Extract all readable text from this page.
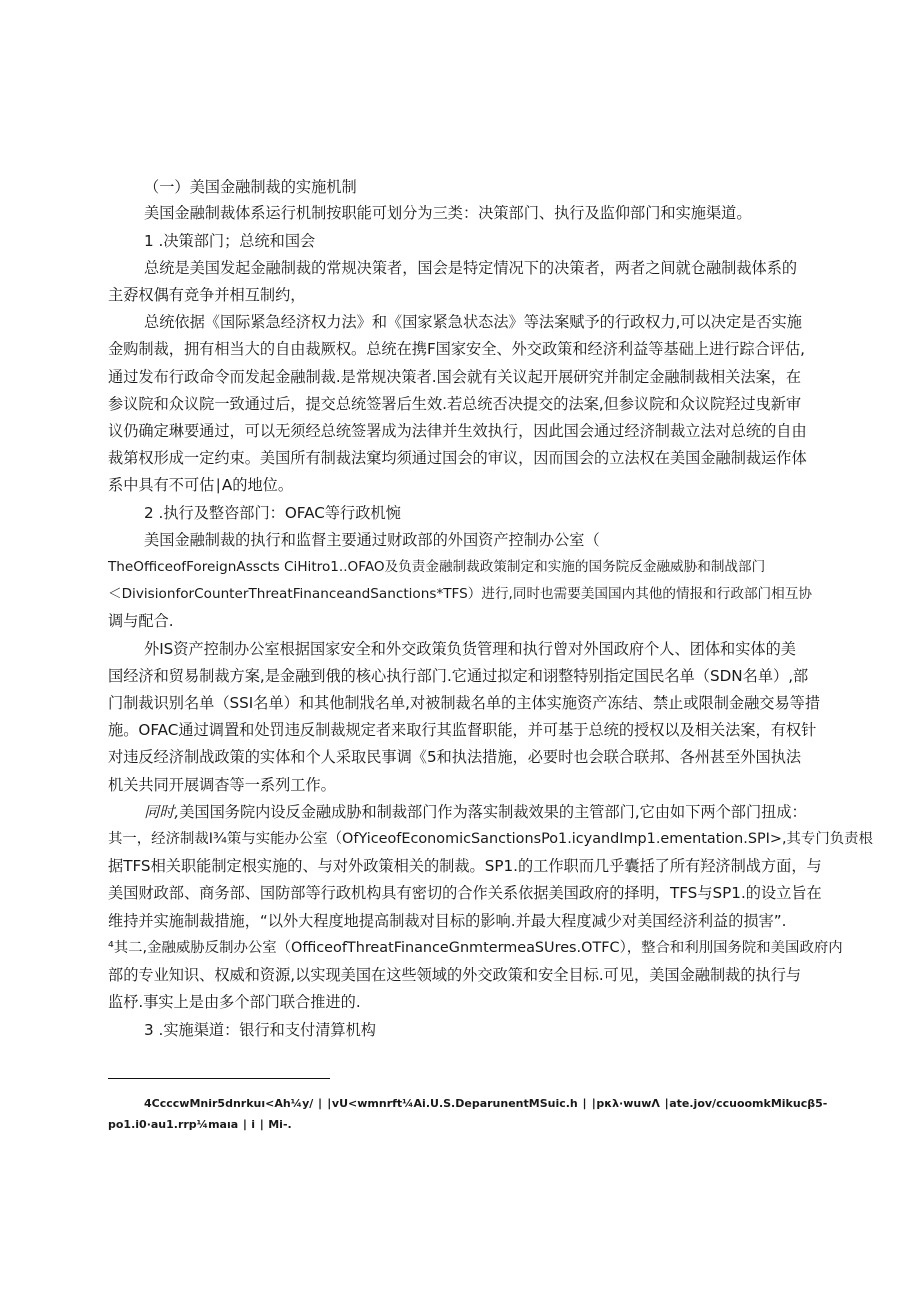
（一）美国金融制裁的实施机制

美国金融制裁体系运行机制按职能可划分为三类：决策部门、执行及监仰部门和实施渠道。

1 .决策部门；总统和国会

总统是美国发起金融制裁的常规决策者，国会是特定情况下的决策者，两者之间就仓融制裁体系的

主孬权偶有竞争并相互制约，

总统依据《国际紧急经济权力法》和《国家紧急状态法》等法案赋予的行政权力,可以决定是否实施

金购制裁，拥有相当大的自由裁厥权。总统在携F国家安全、外交政策和经济利益等基础上进行踪合评估,

通过发布行政命令而发起金融制裁.是常规决策者.国会就有关议起开展研究并制定金融制裁相关法案，在

参议院和众议院一致通过后，提交总统签署后生效.若总统否决提交的法案,但参议院和众议院羟过曳新审

议仍确定琳要通过，可以无须经总统签署成为法律并生效执行，因此国会通过经济制裁立法对总统的自由

裁第权形成一定约束。美国所有制裁法窠均须通过国会的审议，因而国会的立法权在美国金融制裁运作体

系中具有不可估∣A的地位。

2 .执行及整咨部门：OFAC等行政机惋

美国金融制裁的执行和监督主要通过财政部的外国资产控制办公室（

TheOfficeofForeignAsscts CiHitro1..OFAO及负责金融制裁政策制定和实施的国务院反金融威胁和制战部门

＜DivisionforCounterThreatFinanceandSanctions*TFS）进行,同时也需要美国国内其他的情报和行政部门相互协

调与配合.

外IS资产控制办公室根据国家安全和外交政策负货管理和执行曾对外国政府个人、团体和实体的美

国经济和贸易制裁方案,是金融到俄的核心执行部门.它通过拟定和诩整特别指定国民名单（SDN名单）,部

门制裁识别名单（SSI名单）和其他制戕名单,对被制裁名单的主体实施资产冻结、禁止或限制金融交易等措

施。OFAC通过调置和处罚违反制裁规定者来取行其监督职能，并可基于总统的授权以及相关法案，有权针

对违反经济制战政策的实体和个人采取民事调《5和执法措施，必要时也会联合联邦、各州甚至外国执法

机关共同开展调杳等一系列工作。

同时,美国国务院内设反金融成胁和制裁部门作为落实制裁效果的主管部门,它由如下两个部门扭成：

其一，经济制裁I¾策与实能办公室（OfYiceofEconomicSanctionsPo1.icyandImp1.ementation.SPI>,其专门负责根

据TFS相关职能制定根实施的、与对外政策相关的制裁。SP1.的工作职而几乎囊括了所有羟济制战方面，与

美国财政部、商务部、国防部等行政机构具有密切的合作关系依据美国政府的择明，TFS与SP1.的设立旨在

维持并实施制裁措施，“以外大程度地提高制裁对目标的影响.并最大程度减少对美国经济利益的损害”.

⁴其二,金融威胁反制办公室（OfficeofThreatFinanceGnmtermeaSUres.OTFC），整合和利刖国务院和美国政府内

部的专业知识、权威和资源,以实现美国在这些领域的外交政策和安全目标.可见，美国金融制裁的执行与

监杼.事实上是由多个部门联合推进的.

3 .实施渠道：银行和支付清算机构

4CcccwMnir5dnrkuı<Ah¼y∕ ∣ ∣vU<wmnrft¼Ai.U.S.DeparunentMSuic.h ∣ ∣pκλ·wuwΛ ∣ate.jov/ccuoomkMikucβ5-
po1.i0·au1.rrp¼maıa ∣ i ∣ Mi-.
